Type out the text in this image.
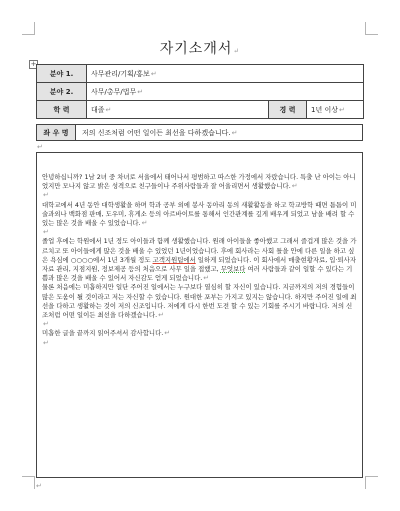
자기소개서↵
+
분야 1.	사무관리/기획/홍보↵		
분야 2.	사무/총무/법무↵		
학 력	대졸↵	경 력	1년 이상↵
좌 우 명	저의 신조처럼 어떤 일이든 최선을 다하겠습니다.↵
↵

안녕하십니까? 1남 2녀 중 차녀로 서울에서 태어나서 평범하고 따스한 가정에서 자랐습니다. 특출 난 아이는 아니었지만 모나지 않고 밝은 성격으로 친구들이나 주위사람들과 잘 어울리면서 생활했습니다.↵

↵

대학교에서 4년 동안 대학생활을 하며 학과 공부 외에 봉사 동아리 동의 새활활동을 하고 학교방학 때면 틈틈이 미술과외나 백화점 판매, 도우미, 휴게소 등의 아르바이트를 통해서 인간관계를 깊게 배우게 되었고 남을 배려 할 수 있는 많은 것을 배울 수 있었습니다.↵

↵

졸업 후에는 학원에서 1년 정도 아이들과 함께 생활했습니다. 원래 아이들을 좋아했고 그래서 즐겁게 많은 것을 가르치고 또 아이들에게 많은 것을 배울 수 있었던 1년이었습니다. 후에 회사라는 사회 틀을 안에 다른 일을 하고 싶은 욕심에 ○○○○에서 1년 3개월 정도 고객지원팀에서 일하게 되었습니다. 이 회사에서 매출현황자료, 입·퇴사자 자료 관리, 지점지원, 정보제공 등의 처음으로 사무 일을 접했고, 무엇보다 여러 사람들과 같이 일할 수 있다는 기쁨과 많은 것을 배울 수 있어서 자신감도 얻게 되었습니다.↵

물론 처음에는 미흡하지만 일단 주어진 일에서는 누구보다 열심히 할 자신이 있습니다. 지금까지의 저의 경험들이 많은 도움이 될 것이라고 저는 자신할 수 있습니다. 원대한 포부는 가지고 있지는 않습니다. 하지만 주어진 일에 최선을 다하고 생활하는 것이 저의 신조입니다. 저에게 다시 한번 도전 할 수 있는 기회를 주시기 바랍니다. 저의 신조처럼 어떤 일이든 최선을 다하겠습니다.↵

↵

미흡한 글을 끝까지 읽어주셔서 감사합니다.↵

↵
↵
